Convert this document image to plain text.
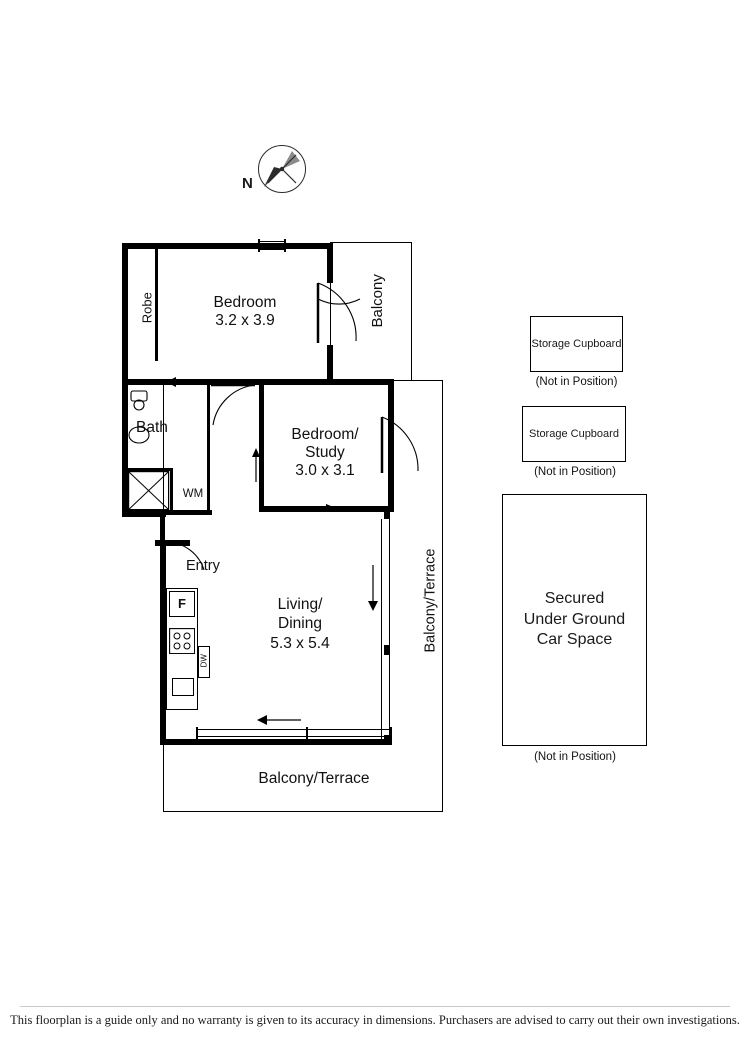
N
Balcony
Robe	Bedroom
3.2 x 3.9
Bedroom/
Study
3.0 x 3.1
Bath
WM
Entry
F
DW
Living/
Dining
5.3 x 5.4	Balcony/Terrace
Balcony/Terrace
Storage Cupboard
(Not in Position)
Storage Cupboard
(Not in Position)
Secured
Under Ground
Car Space
(Not in Position)
This floorplan is a guide only and no warranty is given to its accuracy in dimensions. Purchasers are advised to carry out their own investigations.
